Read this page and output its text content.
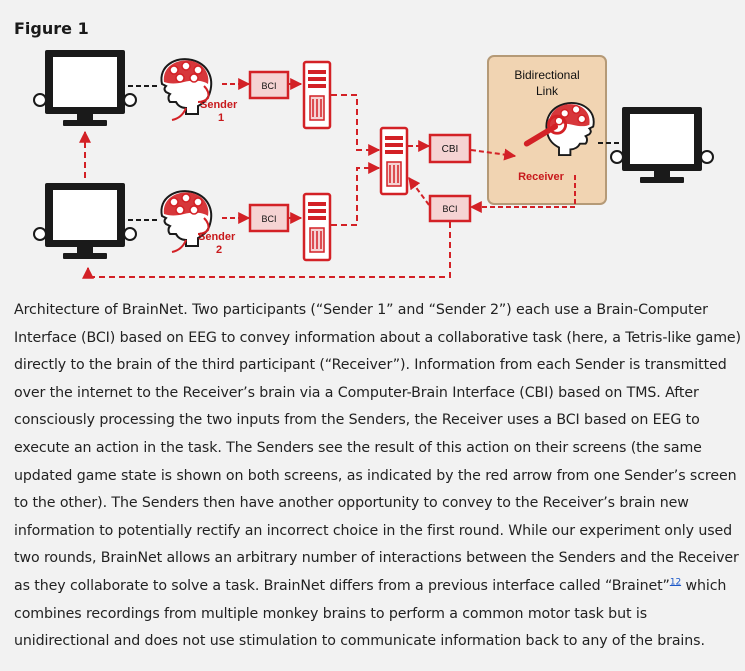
Figure 1
Sender
1
Sender
2
BCI
BCI
CBI
Bidirectional
Link
Receiver
BCI

Architecture of BrainNet. Two participants (“Sender 1” and “Sender 2”) each use a Brain-Computer Interface (BCI) based on EEG to convey information about a collaborative task (here, a Tetris-like game) directly to the brain of the third participant (“Receiver”). Information from each Sender is transmitted over the internet to the Receiver’s brain via a Computer-Brain Interface (CBI) based on TMS. After consciously processing the two inputs from the Senders, the Receiver uses a BCI based on EEG to execute an action in the task. The Senders see the result of this action on their screens (the same updated game state is shown on both screens, as indicated by the red arrow from one Sender’s screen to the other). The Senders then have another opportunity to convey to the Receiver’s brain new information to potentially rectify an incorrect choice in the first round. While our experiment only used two rounds, BrainNet allows an arbitrary number of interactions between the Senders and the Receiver as they collaborate to solve a task. BrainNet differs from a previous interface called “Brainet”$^{12}$ which combines recordings from multiple monkey brains to perform a common motor task but is unidirectional and does not use stimulation to communicate information back to any of the brains.
